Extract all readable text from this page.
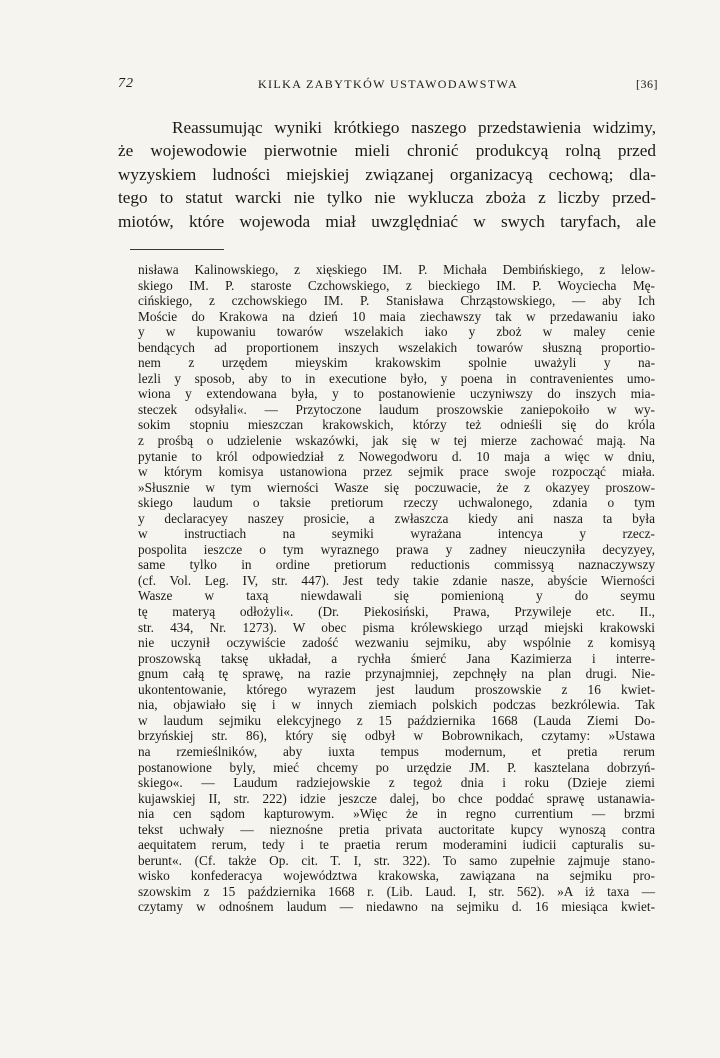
72	KILKA ZABYTKÓW USTAWODAWSTWA	[36]
Reassumując wyniki krótkiego naszego przedstawienia widzimy,
że wojewodowie pierwotnie mieli chronić produkcyą rolną przed
wyzyskiem ludności miejskiej związanej organizacyą cechową; dla-
tego to statut warcki nie tylko nie wyklucza zboża z liczby przed-
miotów, które wojewoda miał uwzględniać w swych taryfach, ale
nisława Kalinowskiego, z xięskiego IM. P. Michała Dembińskiego, z lelow-
skiego IM. P. staroste Czchowskiego, z bieckiego IM. P. Woyciecha Mę-
cińskiego, z czchowskiego IM. P. Stanisława Chrząstowskiego, — aby Ich
Moście do Krakowa na dzień 10 maia ziechawszy tak w przedawaniu iako
y w kupowaniu towarów wszelakich iako y zboż w maley cenie
bendących ad proportionem inszych wszelakich towarów słuszną proportio-
nem z urzędem mieyskim krakowskim spolnie uważyli y na-
lezli y sposob, aby to in executione było, y poena in contravenientes umo-
wiona y extendowana była, y to postanowienie uczyniwszy do inszych mia-
steczek odsyłali«. — Przytoczone laudum proszowskie zaniepokoiło w wy-
sokim stopniu mieszczan krakowskich, którzy też odnieśli się do króla
z prośbą o udzielenie wskazówki, jak się w tej mierze zachować mają. Na
pytanie to król odpowiedział z Nowegodworu d. 10 maja a więc w dniu,
w którym komisya ustanowiona przez sejmik prace swoje rozpocząć miała.
»Słusznie w tym wierności Wasze się poczuwacie, że z okazyey proszow-
skiego laudum o taksie pretiorum rzeczy uchwalonego, zdania o tym
y declaracyey naszey prosicie, a zwłaszcza kiedy ani nasza ta była
w instructiach na seymiki wyrażana intencya y rzecz-
pospolita ieszcze o tym wyraznego prawa y zadney nieuczyniła decyzyey,
same tylko in ordine pretiorum reductionis commissyą naznaczywszy
(cf. Vol. Leg. IV, str. 447). Jest tedy takie zdanie nasze, abyście Wierności
Wasze w taxą niewdawali się pomienioną y do seymu
tę materyą odłożyli«. (Dr. Piekosiński, Prawa, Przywileje etc. II.,
str. 434, Nr. 1273). W obec pisma królewskiego urząd miejski krakowski
nie uczynił oczywiście zadość wezwaniu sejmiku, aby wspólnie z komisyą
proszowską taksę układał, a rychła śmierć Jana Kazimierza i interre-
gnum całą tę sprawę, na razie przynajmniej, zepchnęły na plan drugi. Nie-
ukontentowanie, którego wyrazem jest laudum proszowskie z 16 kwiet-
nia, objawiało się i w innych ziemiach polskich podczas bezkrólewia. Tak
w laudum sejmiku elekcyjnego z 15 października 1668 (Lauda Ziemi Do-
brzyńskiej str. 86), który się odbył w Bobrownikach, czytamy: »Ustawa
na rzemieślników, aby iuxta tempus modernum, et pretia rerum
postanowione byly, mieć chcemy po urzędzie JM. P. kasztelana dobrzyń-
skiego«. — Laudum radziejowskie z tegoż dnia i roku (Dzieje ziemi
kujawskiej II, str. 222) idzie jeszcze dalej, bo chce poddać sprawę ustanawia-
nia cen sądom kapturowym. »Więc że in regno currentium — brzmi
tekst uchwały — nieznośne pretia privata auctoritate kupcy wynoszą contra
aequitatem rerum, tedy i te praetia rerum moderamini iudicii capturalis su-
berunt«. (Cf. także Op. cit. T. I, str. 322). To samo zupełnie zajmuje stano-
wisko konfederacya województwa krakowska, zawiązana na sejmiku pro-
szowskim z 15 października 1668 r. (Lib. Laud. I, str. 562). »A iż taxa —
czytamy w odnośnem laudum — niedawno na sejmiku d. 16 miesiąca kwiet-
